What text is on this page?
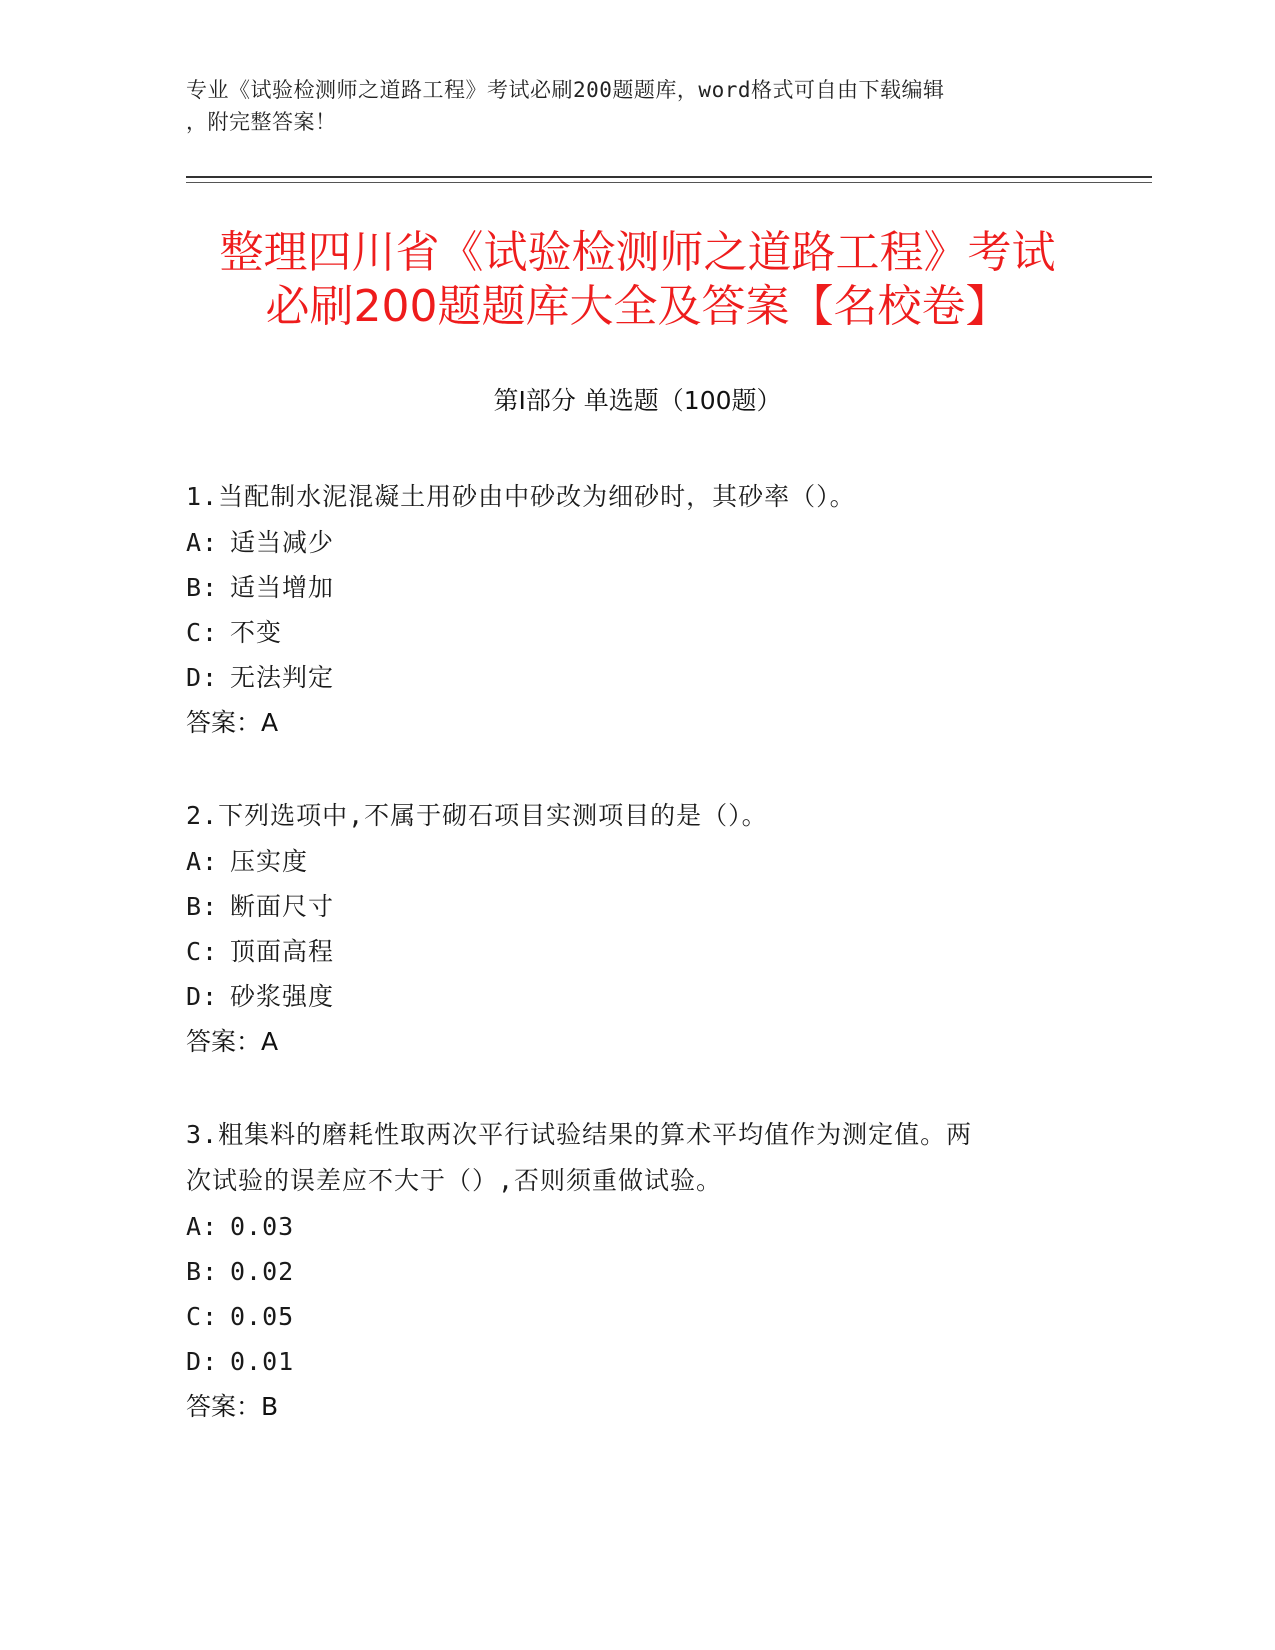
专业《试验检测师之道路工程》考试必刷200题题库，word格式可自由下载编辑
，附完整答案！
整理四川省《试验检测师之道路工程》考试
必刷200题题库大全及答案【名校卷】
第Ⅰ部分 单选题（100题）
1.当配制水泥混凝土用砂由中砂改为细砂时，其砂率（）。
A: 适当减少
B: 适当增加
C: 不变
D: 无法判定
答案：A
2.下列选项中,不属于砌石项目实测项目的是（）。
A: 压实度
B: 断面尺寸
C: 顶面高程
D: 砂浆强度
答案：A
3.粗集料的磨耗性取两次平行试验结果的算术平均值作为测定值。两
次试验的误差应不大于（）,否则须重做试验。
A: 0.03
B: 0.02
C: 0.05
D: 0.01
答案：B
